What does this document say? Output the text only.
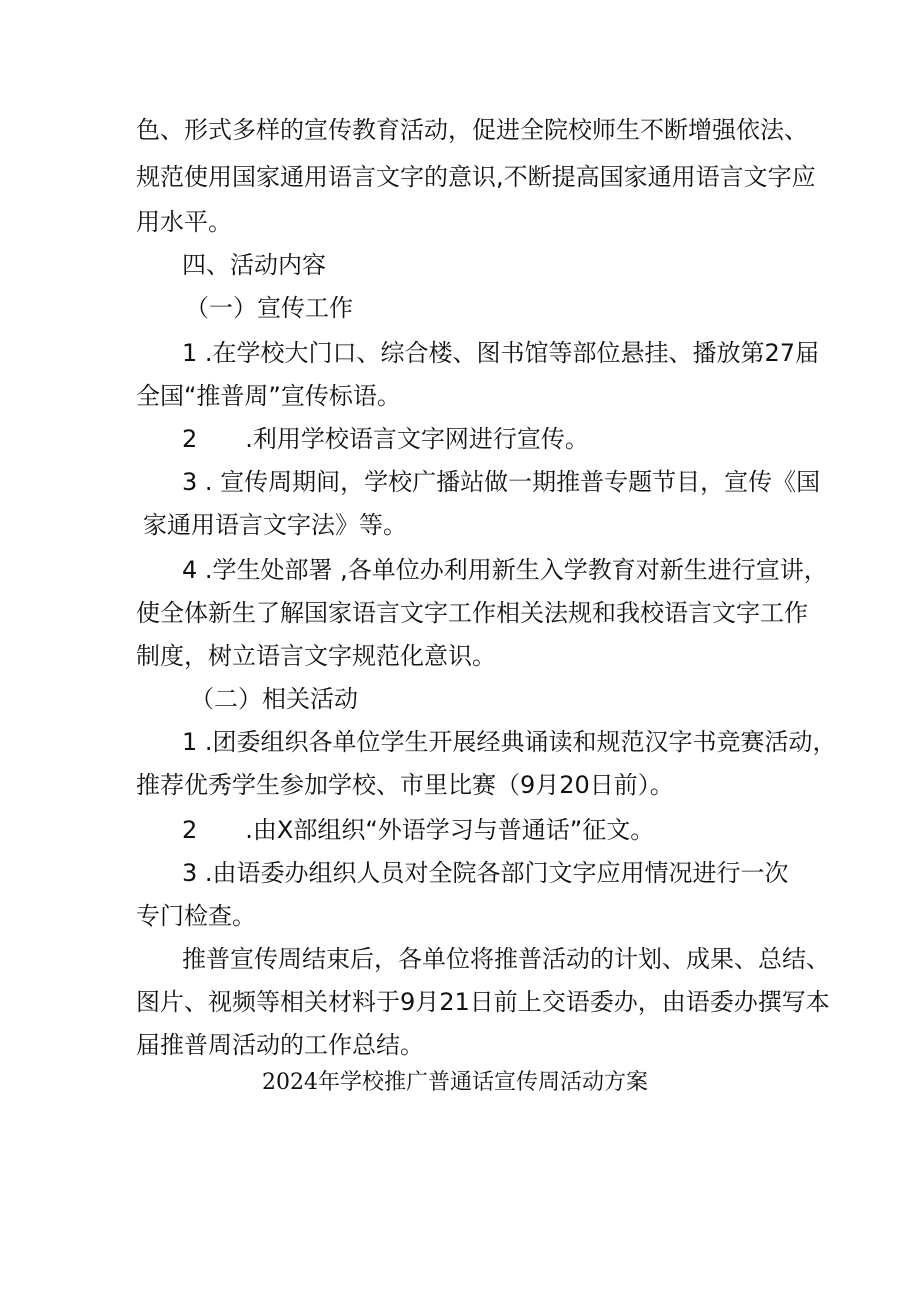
色、形式多样的宣传教育活动，促进全院校师生不断增强依法、
规范使用国家通用语言文字的意识,不断提高国家通用语言文字应
用水平。
四、活动内容
（一）宣传工作
1 .在学校大门口、综合楼、图书馆等部位悬挂、播放第27届
全国“推普周”宣传标语。
2　　.利用学校语言文字网进行宣传。
3 . 宣传周期间，学校广播站做一期推普专题节目，宣传《国
家通用语言文字法》等。
4 .学生处部署 ,各单位办利用新生入学教育对新生进行宣讲，
使全体新生了解国家语言文字工作相关法规和我校语言文字工作
制度，树立语言文字规范化意识。
（二）相关活动
1 .团委组织各单位学生开展经典诵读和规范汉字书竞赛活动，
推荐优秀学生参加学校、市里比赛（9月20日前）。
2　　.由X部组织“外语学习与普通话”征文。
3 .由语委办组织人员对全院各部门文字应用情况进行一次
专门检查。
推普宣传周结束后，各单位将推普活动的计划、成果、总结、
图片、视频等相关材料于9月21日前上交语委办，由语委办撰写本
届推普周活动的工作总结。
2024年学校推广普通话宣传周活动方案
